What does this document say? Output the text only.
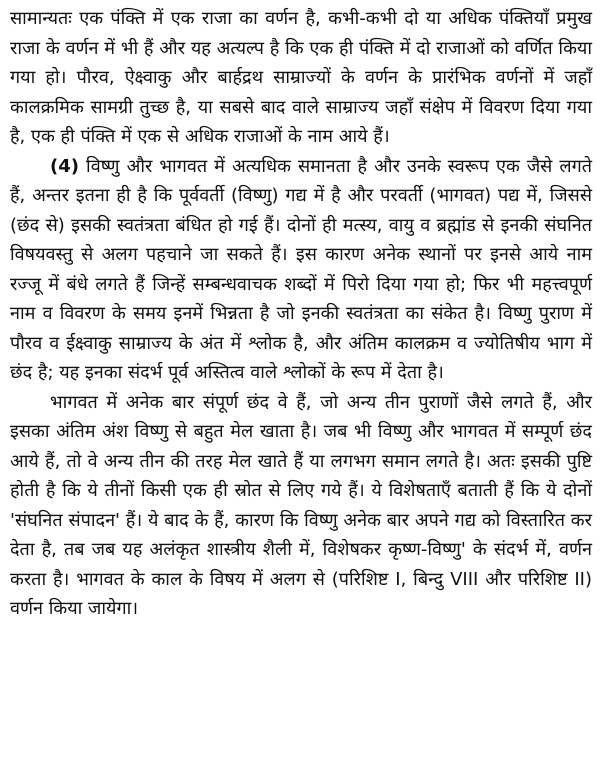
सामान्यतः एक पंक्ति में एक राजा का वर्णन है, कभी-कभी दो या अधिक पंक्तियाँ प्रमुख राजा के वर्णन में भी हैं और यह अत्यल्प है कि एक ही पंक्ति में दो राजाओं को वर्णित किया गया हो। पौरव, ऐक्ष्वाकु और बार्हद्रथ साम्राज्यों के वर्णन के प्रारंभिक वर्णनों में जहाँ कालक्रमिक सामग्री तुच्छ है, या सबसे बाद वाले साम्राज्य जहाँ संक्षेप में विवरण दिया गया है, एक ही पंक्ति में एक से अधिक राजाओं के नाम आये हैं।

(4) विष्णु और भागवत में अत्यधिक समानता है और उनके स्वरूप एक जैसे लगते हैं, अन्तर इतना ही है कि पूर्ववर्ती (विष्णु) गद्य में है और परवर्ती (भागवत) पद्य में, जिससे (छंद से) इसकी स्वतंत्रता बंधित हो गई हैं। दोनों ही मत्स्य, वायु व ब्रह्मांड से इनकी संघनित विषयवस्तु से अलग पहचाने जा सकते हैं। इस कारण अनेक स्थानों पर इनसे आये नाम रज्जू में बंधे लगते हैं जिन्हें सम्बन्धवाचक शब्दों में पिरो दिया गया हो; फिर भी महत्त्वपूर्ण नाम व विवरण के समय इनमें भिन्नता है जो इनकी स्वतंत्रता का संकेत है। विष्णु पुराण में पौरव व ईक्ष्वाकु साम्राज्य के अंत में श्लोक है, और अंतिम कालक्रम व ज्योतिषीय भाग में छंद है; यह इनका संदर्भ पूर्व अस्तित्व वाले श्लोकों के रूप में देता है।

भागवत में अनेक बार संपूर्ण छंद वे हैं, जो अन्य तीन पुराणों जैसे लगते हैं, और इसका अंतिम अंश विष्णु से बहुत मेल खाता है। जब भी विष्णु और भागवत में सम्पूर्ण छंद आये हैं, तो वे अन्य तीन की तरह मेल खाते हैं या लगभग समान लगते है। अतः इसकी पुष्टि होती है कि ये तीनों किसी एक ही स्रोत से लिए गये हैं। ये विशेषताएँ बताती हैं कि ये दोनों 'संघनित संपादन' हैं। ये बाद के हैं, कारण कि विष्णु अनेक बार अपने गद्य को विस्तारित कर देता है, तब जब यह अलंकृत शास्त्रीय शैली में, विशेषकर कृष्ण-विष्णु' के संदर्भ में, वर्णन करता है। भागवत के काल के विषय में अलग से (परिशिष्ट I, बिन्दु VIII और परिशिष्ट II) वर्णन किया जायेगा।
